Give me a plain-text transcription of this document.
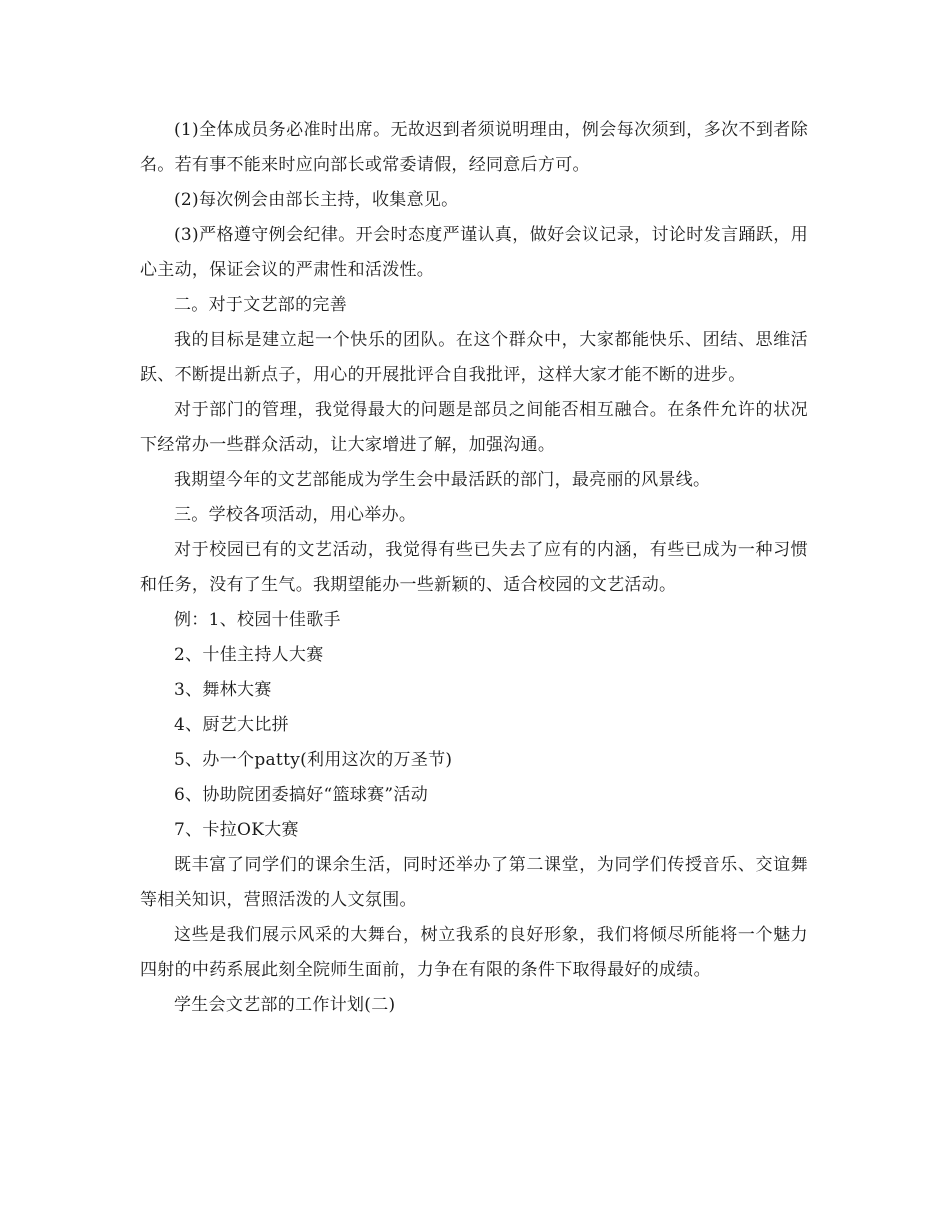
(1)全体成员务必准时出席。无故迟到者须说明理由，例会每次须到，多次不到者除名。若有事不能来时应向部长或常委请假，经同意后方可。

(2)每次例会由部长主持，收集意见。

(3)严格遵守例会纪律。开会时态度严谨认真，做好会议记录，讨论时发言踊跃，用心主动，保证会议的严肃性和活泼性。

二。对于文艺部的完善

我的目标是建立起一个快乐的团队。在这个群众中，大家都能快乐、团结、思维活跃、不断提出新点子，用心的开展批评合自我批评，这样大家才能不断的进步。

对于部门的管理，我觉得最大的问题是部员之间能否相互融合。在条件允许的状况下经常办一些群众活动，让大家增进了解，加强沟通。

我期望今年的文艺部能成为学生会中最活跃的部门，最亮丽的风景线。

三。学校各项活动，用心举办。

对于校园已有的文艺活动，我觉得有些已失去了应有的内涵，有些已成为一种习惯和任务，没有了生气。我期望能办一些新颖的、适合校园的文艺活动。

例：1、校园十佳歌手

2、十佳主持人大赛

3、舞林大赛

4、厨艺大比拼

5、办一个patty(利用这次的万圣节)

6、协助院团委搞好“篮球赛”活动

7、卡拉OK大赛

既丰富了同学们的课余生活，同时还举办了第二课堂，为同学们传授音乐、交谊舞等相关知识，营照活泼的人文氛围。

这些是我们展示风采的大舞台，树立我系的良好形象，我们将倾尽所能将一个魅力四射的中药系展此刻全院师生面前，力争在有限的条件下取得最好的成绩。

学生会文艺部的工作计划(二)
